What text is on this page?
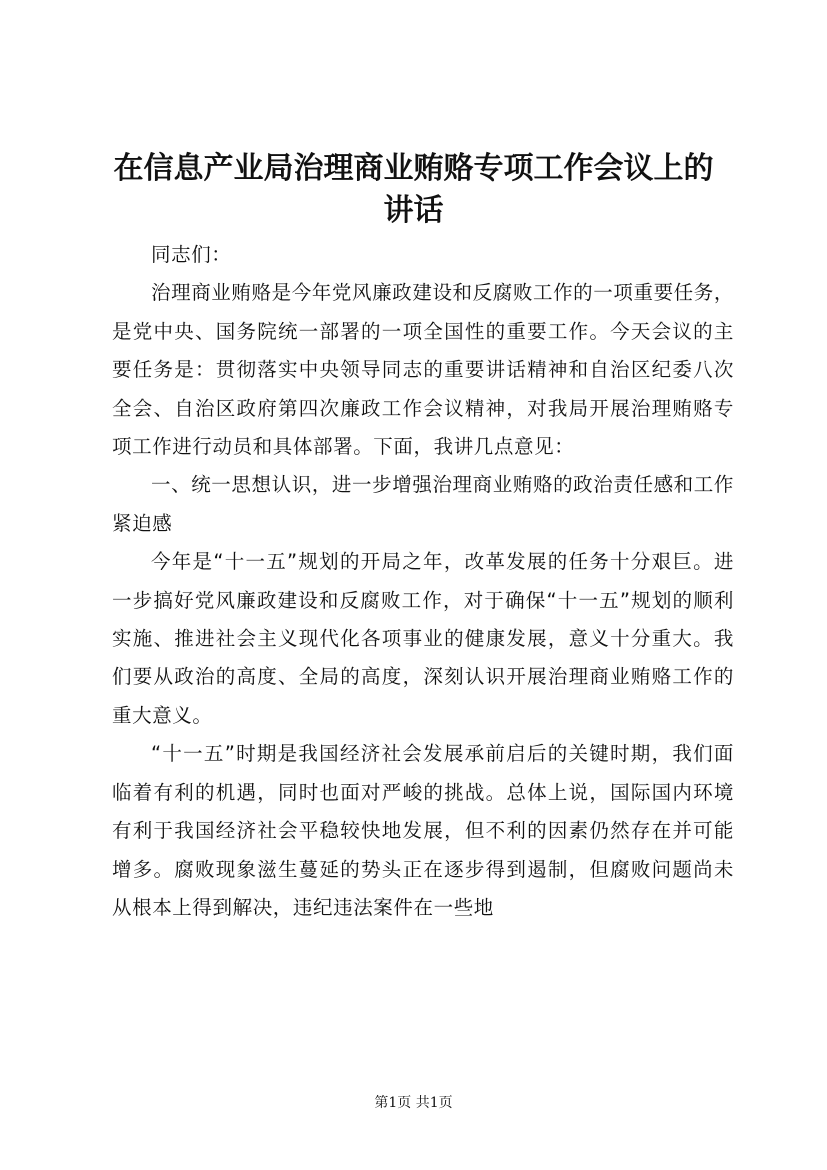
在信息产业局治理商业贿赂专项工作会议上的
讲话

同志们：

治理商业贿赂是今年党风廉政建设和反腐败工作的一项重要任务，是党中央、国务院统一部署的一项全国性的重要工作。今天会议的主要任务是：贯彻落实中央领导同志的重要讲话精神和自治区纪委八次全会、自治区政府第四次廉政工作会议精神，对我局开展治理贿赂专项工作进行动员和具体部署。下面，我讲几点意见：

一、统一思想认识，进一步增强治理商业贿赂的政治责任感和工作紧迫感

今年是“十一五”规划的开局之年，改革发展的任务十分艰巨。进一步搞好党风廉政建设和反腐败工作，对于确保“十一五”规划的顺利实施、推进社会主义现代化各项事业的健康发展，意义十分重大。我们要从政治的高度、全局的高度，深刻认识开展治理商业贿赂工作的重大意义。

“十一五”时期是我国经济社会发展承前启后的关键时期，我们面临着有利的机遇，同时也面对严峻的挑战。总体上说，国际国内环境有利于我国经济社会平稳较快地发展，但不利的因素仍然存在并可能增多。腐败现象滋生蔓延的势头正在逐步得到遏制，但腐败问题尚未从根本上得到解决，违纪违法案件在一些地

第1页 共1页
